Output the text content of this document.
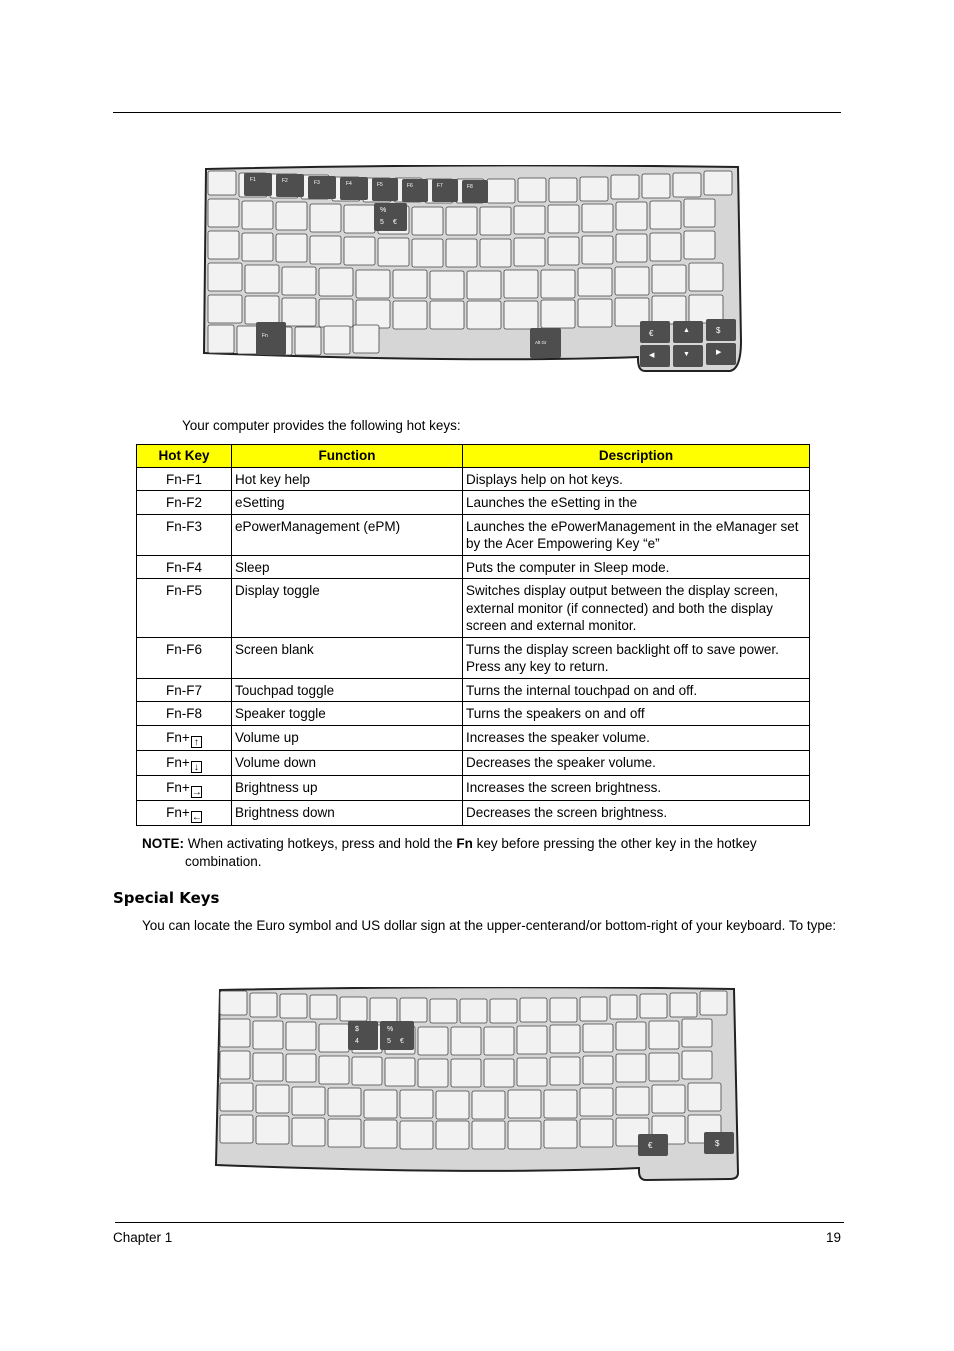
F1	F2	F3	F4	F5	F6	F7	F8
%
5 €
Fn
Alt Gr
€	▲	$
◀	▼	▶
Your computer provides the following hot keys:
Hot Key	Function	Description
Fn-F1	Hot key help	Displays help on hot keys.
Fn-F2	eSetting	Launches the eSetting in the
Fn-F3	ePowerManagement (ePM)	Launches the ePowerManagement in the eManager set by the Acer Empowering Key “e”
Fn-F4	Sleep	Puts the computer in Sleep mode.
Fn-F5	Display toggle	Switches display output between the display screen, external monitor (if connected) and both the display screen and external monitor.
Fn-F6	Screen blank	Turns the display screen backlight off to save power. Press any key to return.
Fn-F7	Touchpad toggle	Turns the internal touchpad on and off.
Fn-F8	Speaker toggle	Turns the speakers on and off
Fn+ ↑	Volume up	Increases the speaker volume.
Fn+ ↓	Volume down	Decreases the speaker volume.
Fn+ →	Brightness up	Increases the screen brightness.
Fn+ ←	Brightness down	Decreases the screen brightness.
NOTE: When activating hotkeys, press and hold the Fn key before pressing the other key in the hotkey
combination.
Special Keys
You can locate the Euro symbol and US dollar sign at the upper-centerand/or bottom-right of your keyboard. To type:
$
4
%
5 €
€	$
Chapter 1	19
